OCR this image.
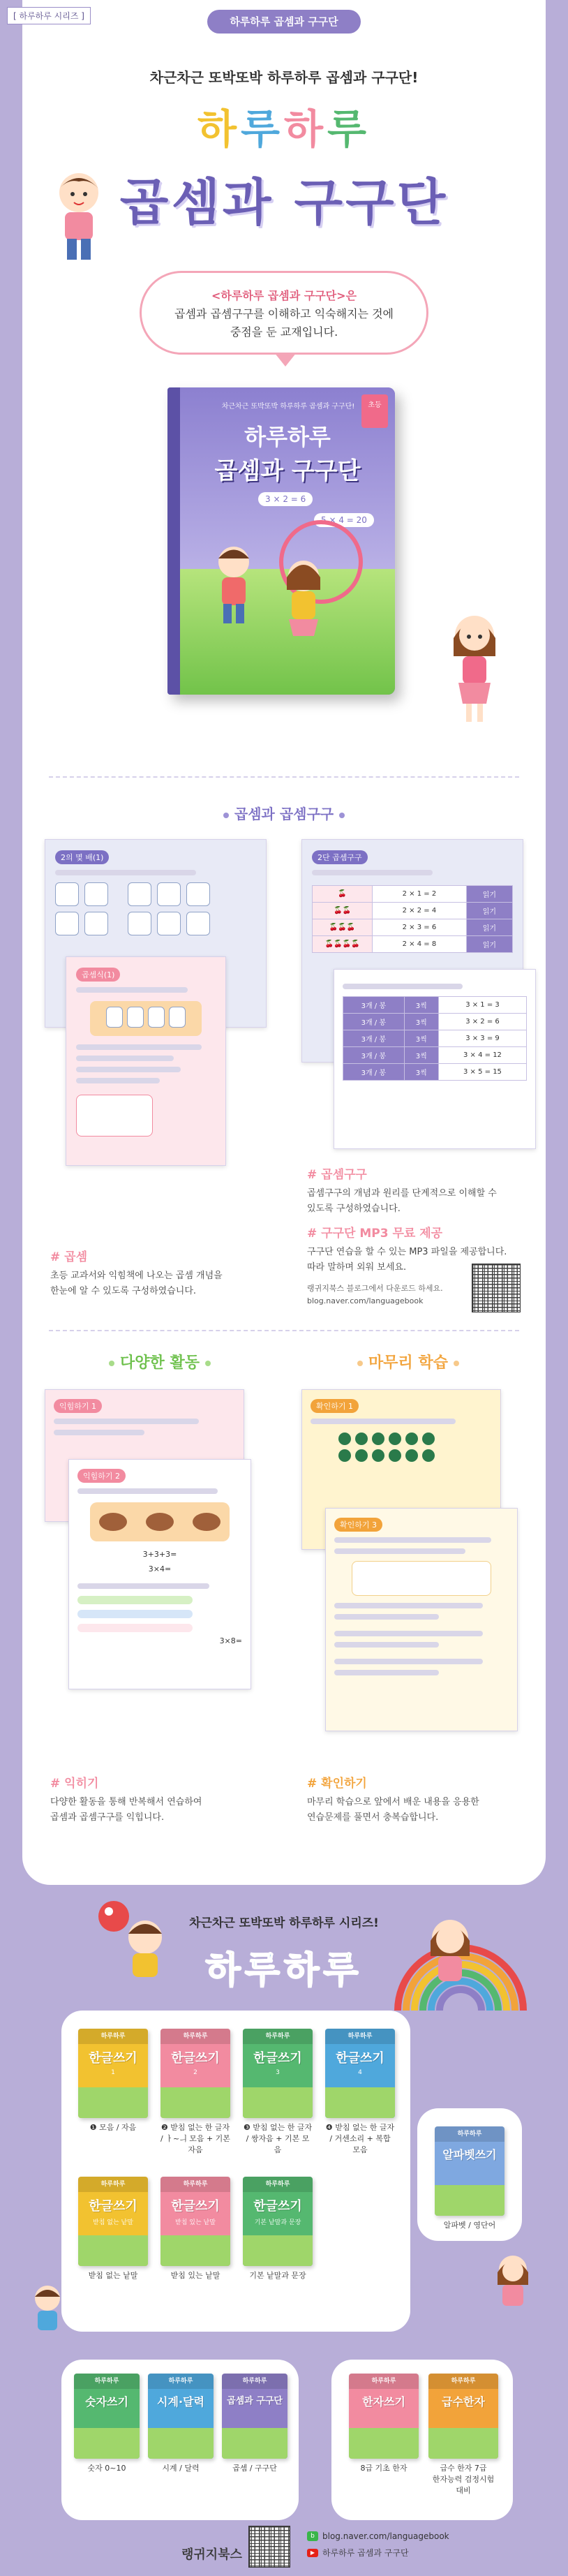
[ 하루하루 시리즈 ]	하루하루 곱셈과 구구단
차근차근 또박또박 하루하루 곱셈과 구구단!
하루하루
곱셈과 구구단
<하루하루 곱셈과 구구단>은
곱셈과 곱셈구구를 이해하고 익숙해지는 것에
중점을 둔 교재입니다.
차근차근 또박또박 하루하루 곱셈과 구구단!
하루하루
곱셈과 구구단
3 × 2 = 6
5 × 4 = 20
초등
곱셈과 곱셈구구
2의 몇 배(1)
곱셈식(1)
2단 곱셈구구
🍒	2 × 1 = 2	읽기
🍒🍒	2 × 2 = 4	읽기
🍒🍒🍒	2 × 3 = 6	읽기
🍒🍒🍒🍒	2 × 4 = 8	읽기
3개 / 봉	3씩	3 × 1 = 3
3개 / 봉	3씩	3 × 2 = 6
3개 / 봉	3씩	3 × 3 = 9
3개 / 봉	3씩	3 × 4 = 12
3개 / 봉	3씩	3 × 5 = 15
# 곱셈구구
곱셈구구의 개념과 원리를 단계적으로 이해할 수
있도록 구성하였습니다.
# 구구단 MP3 무료 제공
구구단 연습을 할 수 있는 MP3 파일을 제공합니다.
따라 말하며 외워 보세요.
랭귀지북스 블로그에서 다운로드 하세요.
blog.naver.com/languagebook
# 곱셈
초등 교과서와 익힘책에 나오는 곱셈 개념을
한눈에 알 수 있도록 구성하였습니다.
다양한 활동	마무리 학습
익힘하기 1
익힘하기 2
3+3+3=
3×4=
3×8=
확인하기 1
확인하기 3
# 익히기
다양한 활동을 통해 반복해서 연습하여
곱셈과 곱셈구구를 익힙니다.
# 확인하기
마무리 학습으로 앞에서 배운 내용을 응용한
연습문제를 풀면서 충복습합니다.
차근차근 또박또박 하루하루 시리즈!
하루하루
하루하루
한글쓰기
1
❶ 모음 / 자음
하루하루
한글쓰기
2
❷ 받침 없는 한 글자 / ㅏ~ㅢ 모음 + 기본 자음
하루하루
한글쓰기
3
❸ 받침 없는 한 글자 / 쌍자음 + 기본 모음
하루하루
한글쓰기
4
❹ 받침 없는 한 글자 / 거센소리 + 복합 모음
하루하루
한글쓰기
받침 없는 낱말
받침 없는 낱말
하루하루
한글쓰기
받침 있는 낱말
받침 있는 낱말
하루하루
한글쓰기
기본 낱말과 문장
기본 낱말과 문장
하루하루
알파벳쓰기
알파벳 / 영단어
하루하루
숫자쓰기
숫자 0~10
하루하루
시계·달력
시계 / 달력
하루하루
곱셈과 구구단
곱셈 / 구구단
하루하루
한자쓰기
8급 기초 한자
하루하루
급수한자
급수 한자 7급
한자능력 검정시험 대비
랭귀지북스
b blog.naver.com/languagebook
▶ 하루하루 곱셈과 구구단
